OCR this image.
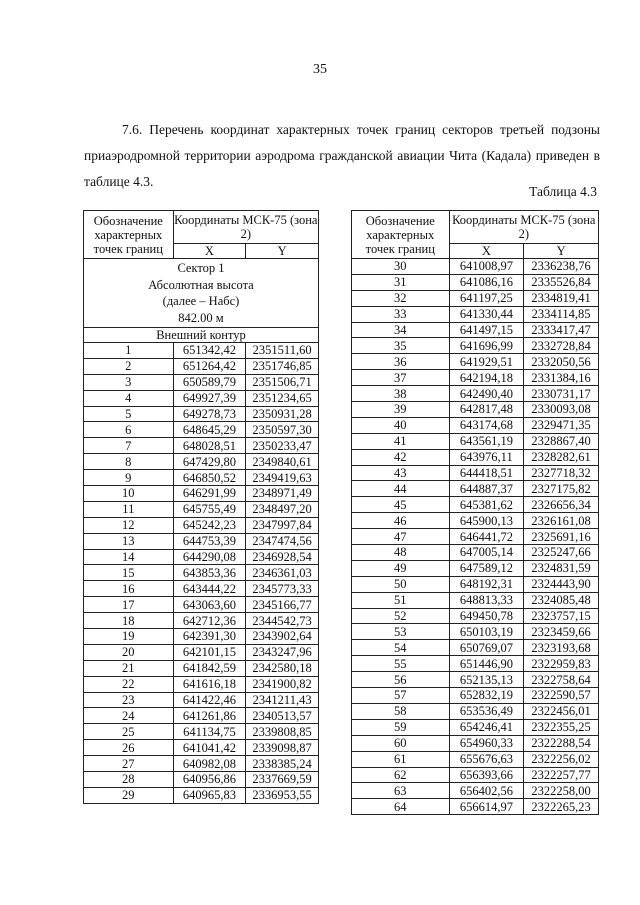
35

7.6. Перечень координат характерных точек границ секторов третьей подзоны приаэродромной территории аэродрома гражданской авиации Чита (Кадала) приведен в таблице 4.3.

Таблица 4.3
Обозначение характерных точек границ	Координаты МСК-75 (зона 2)	

	X	Y

Сектор 1
Абсолютная высота
(далее – Набс)
842.00 м		

Внешний контур		
1	651342,42	2351511,60
2	651264,42	2351746,85
3	650589,79	2351506,71
4	649927,39	2351234,65
5	649278,73	2350931,28
6	648645,29	2350597,30
7	648028,51	2350233,47
8	647429,80	2349840,61
9	646850,52	2349419,63
10	646291,99	2348971,49
11	645755,49	2348497,20
12	645242,23	2347997,84
13	644753,39	2347474,56
14	644290,08	2346928,54
15	643853,36	2346361,03
16	643444,22	2345773,33
17	643063,60	2345166,77
18	642712,36	2344542,73
19	642391,30	2343902,64
20	642101,15	2343247,96
21	641842,59	2342580,18
22	641616,18	2341900,82
23	641422,46	2341211,43
24	641261,86	2340513,57
25	641134,75	2339808,85
26	641041,42	2339098,87
27	640982,08	2338385,24
28	640956,86	2337669,59
29	640965,83	2336953,55
Обозначение характерных точек границ	Координаты МСК-75 (зона 2)	

	X	Y
30	641008,97	2336238,76
31	641086,16	2335526,84
32	641197,25	2334819,41
33	641330,44	2334114,85
34	641497,15	2333417,47
35	641696,99	2332728,84
36	641929,51	2332050,56
37	642194,18	2331384,16
38	642490,40	2330731,17
39	642817,48	2330093,08
40	643174,68	2329471,35
41	643561,19	2328867,40
42	643976,11	2328282,61
43	644418,51	2327718,32
44	644887,37	2327175,82
45	645381,62	2326656,34
46	645900,13	2326161,08
47	646441,72	2325691,16
48	647005,14	2325247,66
49	647589,12	2324831,59
50	648192,31	2324443,90
51	648813,33	2324085,48
52	649450,78	2323757,15
53	650103,19	2323459,66
54	650769,07	2323193,68
55	651446,90	2322959,83
56	652135,13	2322758,64
57	652832,19	2322590,57
58	653536,49	2322456,01
59	654246,41	2322355,25
60	654960,33	2322288,54
61	655676,63	2322256,02
62	656393,66	2322257,77
63	656402,56	2322258,00
64	656614,97	2322265,23
